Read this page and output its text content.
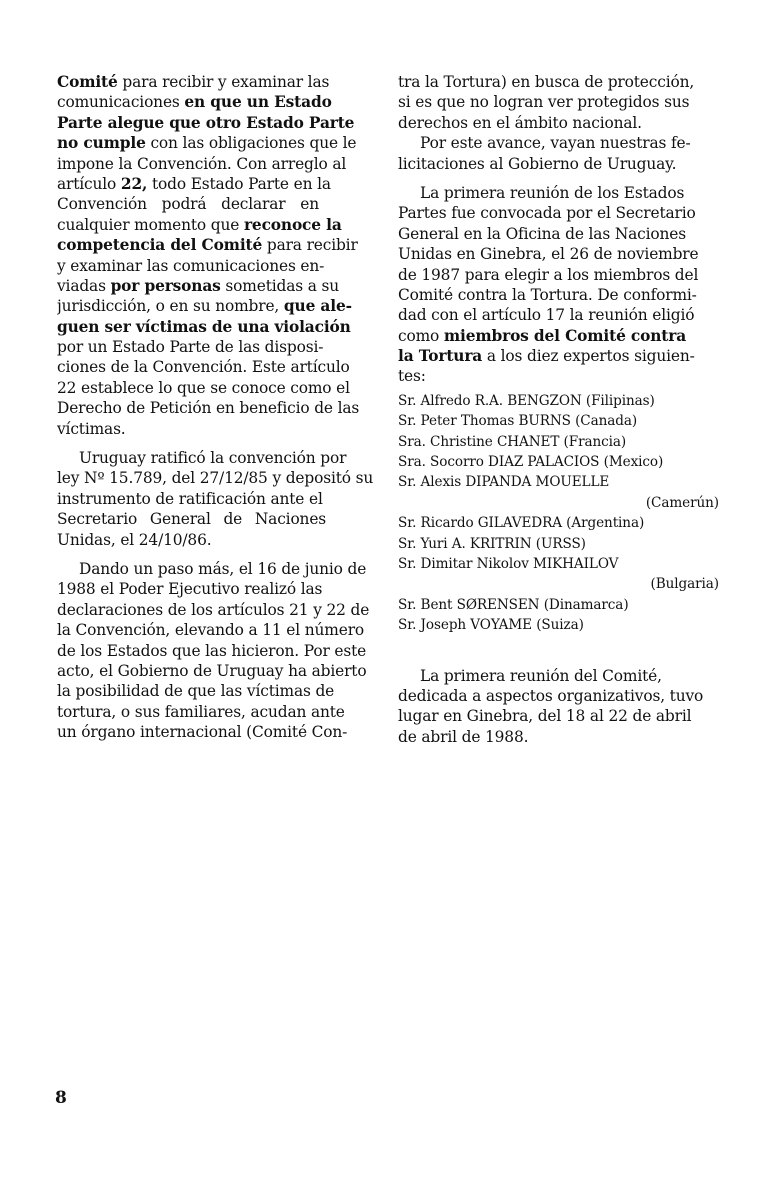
Comité para recibir y examinar las
comunicaciones en que un Estado
Parte alegue que otro Estado Parte
no cumple con las obligaciones que le
impone la Convención. Con arreglo al
artículo 22, todo Estado Parte en la
Convención podrá declarar en
cualquier momento que reconoce la
competencia del Comité para recibir
y examinar las comunicaciones en-
viadas por personas sometidas a su
jurisdicción, o en su nombre, que ale-
guen ser víctimas de una violación
por un Estado Parte de las disposi-
ciones de la Convención. Este artículo
22 establece lo que se conoce como el
Derecho de Petición en beneficio de las
víctimas.
Uruguay ratificó la convención por
ley Nº 15.789, del 27/12/85 y depositó su
instrumento de ratificación ante el
Secretario General de Naciones
Unidas, el 24/10/86.
Dando un paso más, el 16 de junio de
1988 el Poder Ejecutivo realizó las
declaraciones de los artículos 21 y 22 de
la Convención, elevando a 11 el número
de los Estados que las hicieron. Por este
acto, el Gobierno de Uruguay ha abierto
la posibilidad de que las víctimas de
tortura, o sus familiares, acudan ante
un órgano internacional (Comité Con-
tra la Tortura) en busca de protección,
si es que no logran ver protegidos sus
derechos en el ámbito nacional.
Por este avance, vayan nuestras fe-
licitaciones al Gobierno de Uruguay.
La primera reunión de los Estados
Partes fue convocada por el Secretario
General en la Oficina de las Naciones
Unidas en Ginebra, el 26 de noviembre
de 1987 para elegir a los miembros del
Comité contra la Tortura. De conformi-
dad con el artículo 17 la reunión eligió
como miembros del Comité contra
la Tortura a los diez expertos siguien-
tes:
Sr. Alfredo R.A. BENGZON (Filipinas)
Sr. Peter Thomas BURNS (Canada)
Sra. Christine CHANET (Francia)
Sra. Socorro DIAZ PALACIOS (Mexico)
Sr. Alexis DIPANDA MOUELLE
(Camerún)
Sr. Ricardo GILAVEDRA (Argentina)
Sr. Yuri A. KRITRIN (URSS)
Sr. Dimitar Nikolov MIKHAILOV
(Bulgaria)
Sr. Bent SØRENSEN (Dinamarca)
Sr. Joseph VOYAME (Suiza)
La primera reunión del Comité,
dedicada a aspectos organizativos, tuvo
lugar en Ginebra, del 18 al 22 de abril
de abril de 1988.
8
